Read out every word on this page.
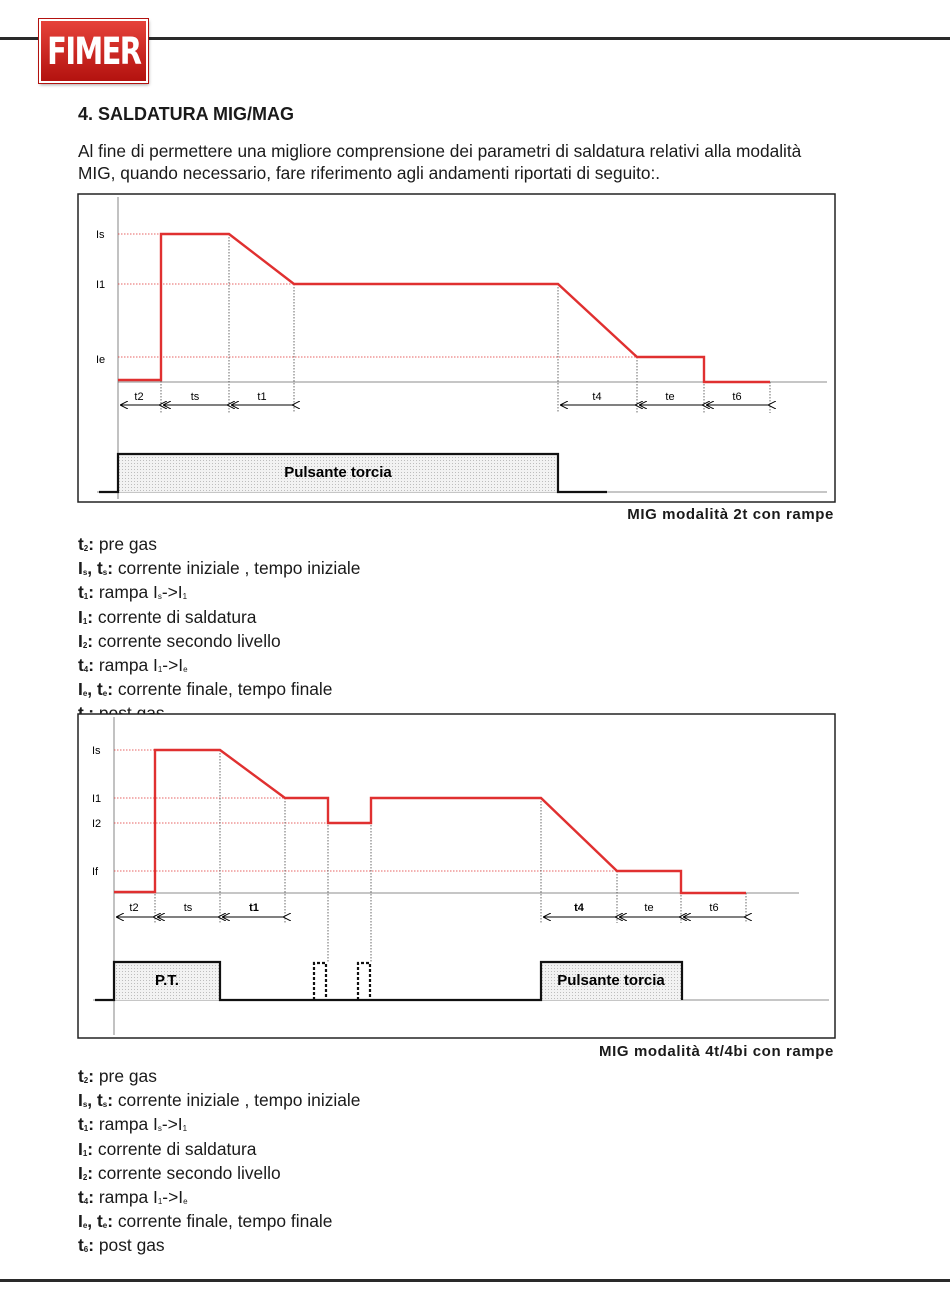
FIMER
4. SALDATURA MIG/MAG

Al fine di permettere una migliore comprensione dei parametri di saldatura relativi alla modalità MIG, quando necessario, fare riferimento agli andamenti riportati di seguito:.

Is
I1
Ie
t2	ts	t1	t4	te	t6
Pulsante torcia

MIG modalità 2t con rampe

$t_2$: pre gas
$I_s$, $t_s$: corrente iniziale , tempo iniziale
$t_1$: rampa $I_s->I_1$
$I_1$: corrente di saldatura
$I_2$: corrente secondo livello
$t_4$: rampa $I_1->I_e$
$I_e$, $t_e$: corrente finale, tempo finale
Is
I1
I2
If
t2	ts	t1	t4	te	t6
P.T.	Pulsante torcia

MIG modalità 4t/4bi con rampe

$t_2$: pre gas
$I_s$, $t_s$: corrente iniziale , tempo iniziale
$t_1$: rampa $I_s->I_1$
$I_1$: corrente di saldatura
$I_2$: corrente secondo livello
$t_4$: rampa $I_1->I_e$
$I_e$, $t_e$: corrente finale, tempo finale
$t_6$: post gas
